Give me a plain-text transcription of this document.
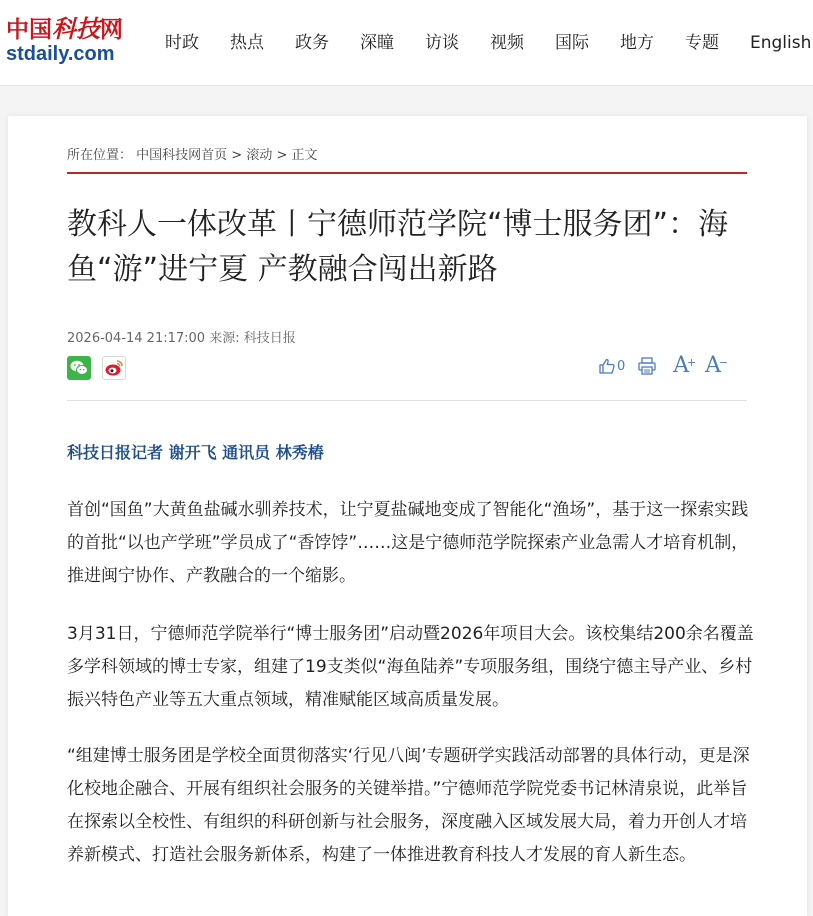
中国科技网
stdaily.com	时政 热点 政务 深瞳 访谈 视频 国际 地方 专题 English
所在位置： 中国科技网首页 > 滚动 > 正文
教科人一体改革丨宁德师范学院“博士服务团”：海鱼“游”进宁夏 产教融合闯出新路
2026-04-14 21:17:00 来源: 科技日报
0 A
+ A
−
科技日报记者 谢开飞 通讯员 林秀椿

首创“国鱼”大黄鱼盐碱水驯养技术，让宁夏盐碱地变成了智能化“渔场”，基于这一探索实践的首批“以也产学班”学员成了“香饽饽”……这是宁德师范学院探索产业急需人才培育机制，推进闽宁协作、产教融合的一个缩影。

3月31日，宁德师范学院举行“博士服务团”启动暨2026年项目大会。该校集结200余名覆盖多学科领域的博士专家，组建了19支类似“海鱼陆养”专项服务组，围绕宁德主导产业、乡村振兴特色产业等五大重点领域，精准赋能区域高质量发展。

“组建博士服务团是学校全面贯彻落实‘行见八闽’专题研学实践活动部署的具体行动，更是深化校地企融合、开展有组织社会服务的关键举措。”宁德师范学院党委书记林清泉说，此举旨在探索以全校性、有组织的科研创新与社会服务，深度融入区域发展大局，着力开创人才培养新模式、打造社会服务新体系，构建了一体推进教育科技人才发展的育人新生态。
